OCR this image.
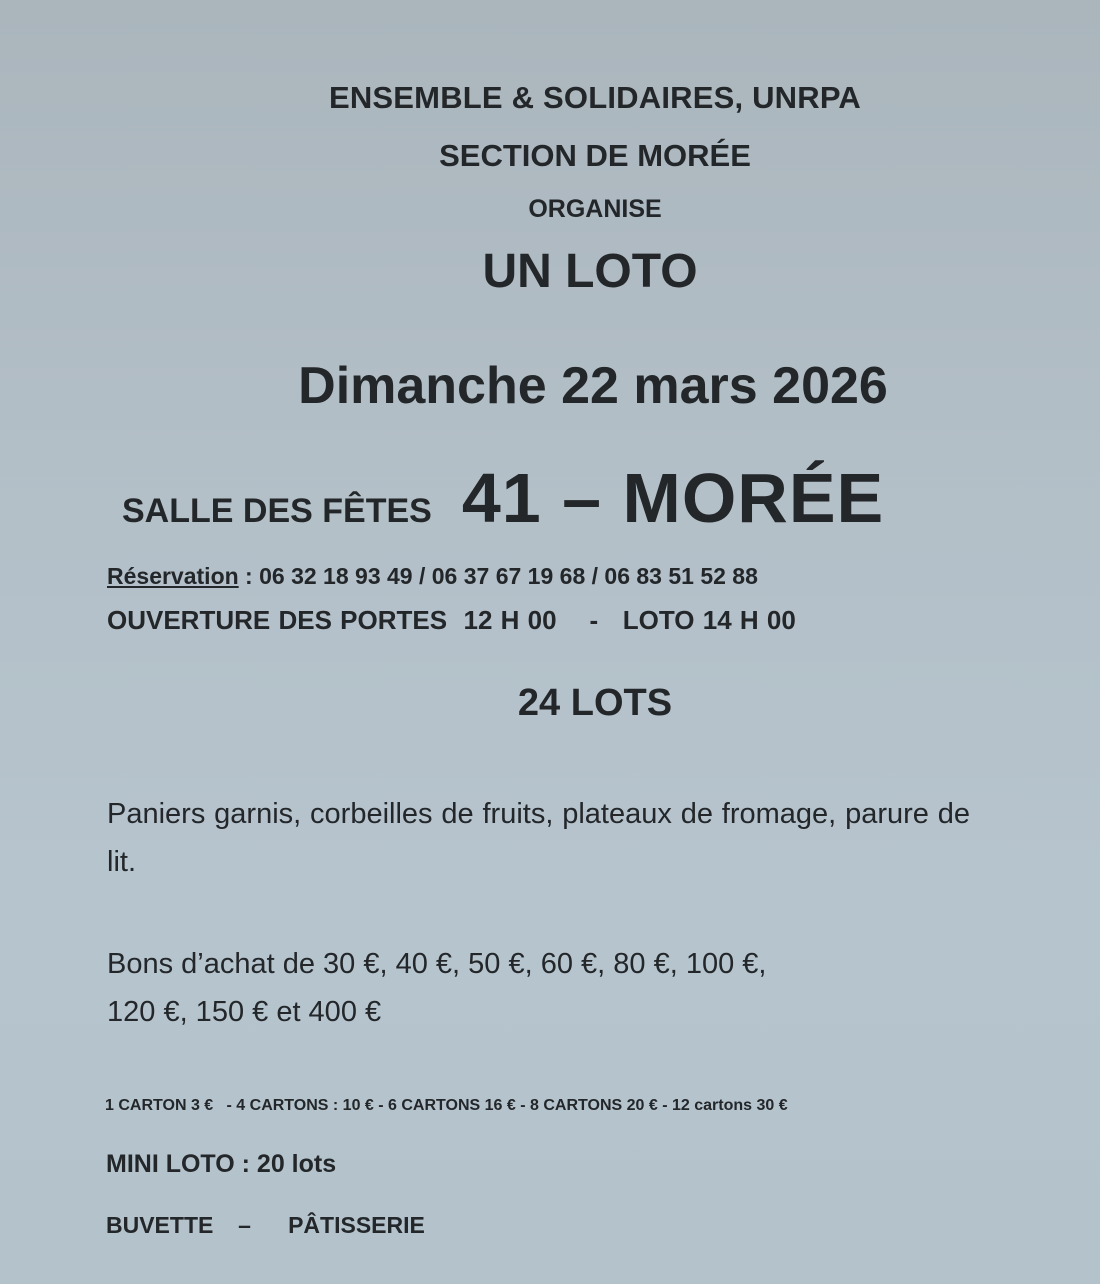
ENSEMBLE & SOLIDAIRES, UNRPA
SECTION DE MORÉE
ORGANISE
UN LOTO
Dimanche 22 mars 2026
SALLE DES FÊTES 41 – MORÉE
Réservation : 06 32 18 93 49 / 06 37 67 19 68 / 06 83 51 52 88
OUVERTURE DES PORTES  12 H 00    -   LOTO 14 H 00
24 LOTS
Paniers garnis, corbeilles de fruits, plateaux de fromage, parure de lit.
Bons d’achat de 30 €, 40 €, 50 €, 60 €, 80 €, 100 €,
120 €, 150 € et 400 €
1 CARTON 3 €   - 4 CARTONS : 10 € - 6 CARTONS 16 € - 8 CARTONS 20 € - 12 cartons 30 €
MINI LOTO : 20 lots
BUVETTE  –   PÂTISSERIE
